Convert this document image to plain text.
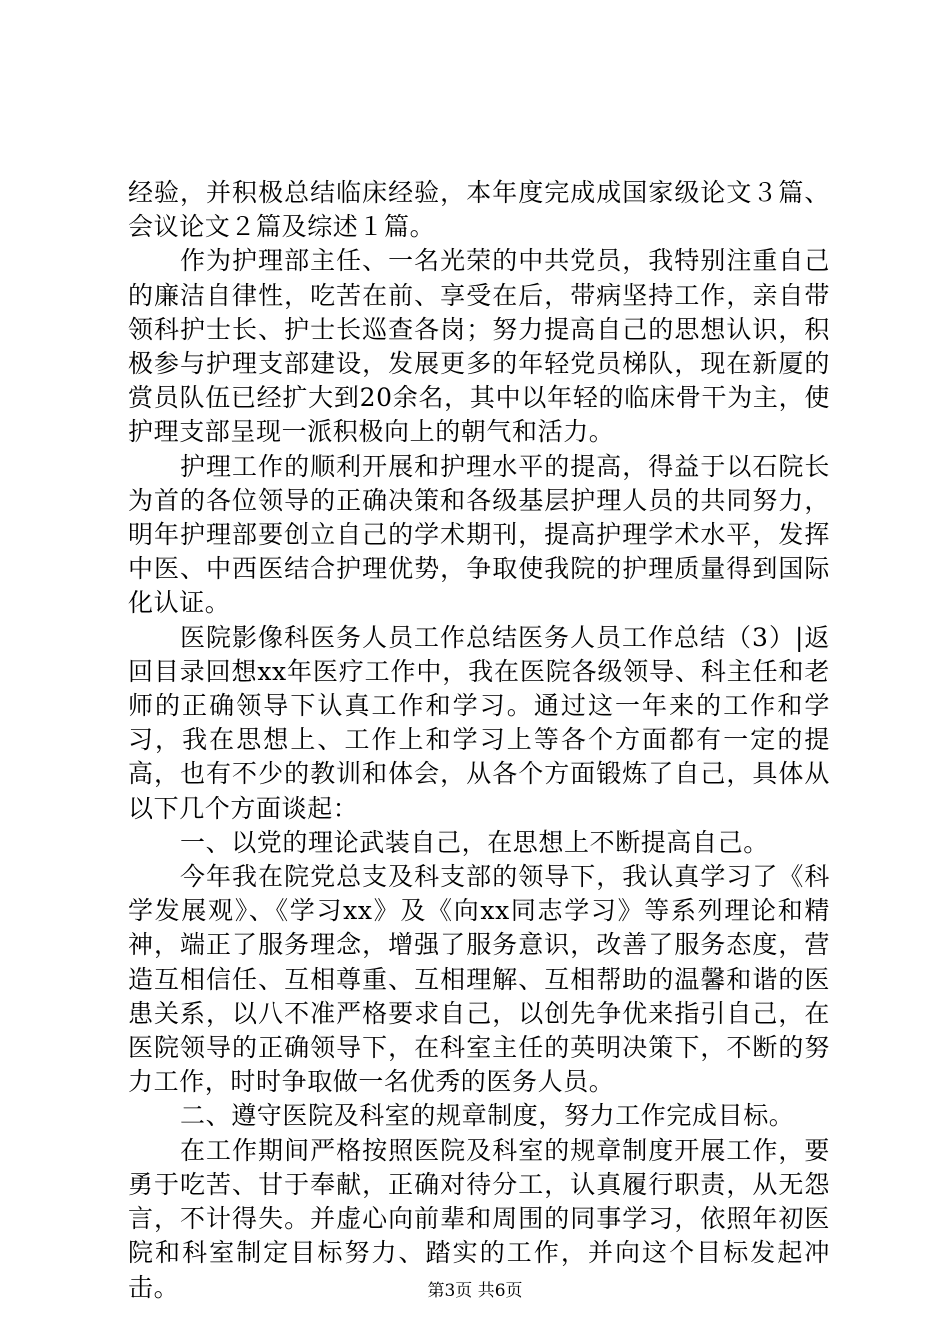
经验，并积极总结临床经验，本年度完成成国家级论文３篇、会议论文２篇及综述１篇。

作为护理部主任、一名光荣的中共党员，我特别注重自己的廉洁自律性，吃苦在前、享受在后，带病坚持工作，亲自带领科护士长、护士长巡查各岗；努力提高自己的思想认识，积极参与护理支部建设，发展更多的年轻党员梯队，现在新厦的赏员队伍已经扩大到20余名，其中以年轻的临床骨干为主，使护理支部呈现一派积极向上的朝气和活力。

护理工作的顺利开展和护理水平的提高，得益于以石院长为首的各位领导的正确决策和各级基层护理人员的共同努力，明年护理部要创立自己的学术期刊，提高护理学术水平，发挥中医、中西医结合护理优势，争取使我院的护理质量得到国际化认证。

医院影像科医务人员工作总结医务人员工作总结（3）|返回目录回想xx年医疗工作中，我在医院各级领导、科主任和老师的正确领导下认真工作和学习。通过这一年来的工作和学习，我在思想上、工作上和学习上等各个方面都有一定的提高，也有不少的教训和体会，从各个方面锻炼了自己，具体从以下几个方面谈起：

一、以党的理论武装自己，在思想上不断提高自己。

今年我在院党总支及科支部的领导下，我认真学习了《科学发展观》、《学习xx》及《向xx同志学习》等系列理论和精神，端正了服务理念，增强了服务意识，改善了服务态度，营造互相信任、互相尊重、互相理解、互相帮助的温馨和谐的医患关系，以八不准严格要求自己，以创先争优来指引自己，在医院领导的正确领导下，在科室主任的英明决策下，不断的努力工作，时时争取做一名优秀的医务人员。

二、遵守医院及科室的规章制度，努力工作完成目标。

在工作期间严格按照医院及科室的规章制度开展工作，要勇于吃苦、甘于奉献，正确对待分工，认真履行职责，从无怨言，不计得失。并虚心向前辈和周围的同事学习，依照年初医院和科室制定目标努力、踏实的工作，并向这个目标发起冲击。	第3页 共6页
